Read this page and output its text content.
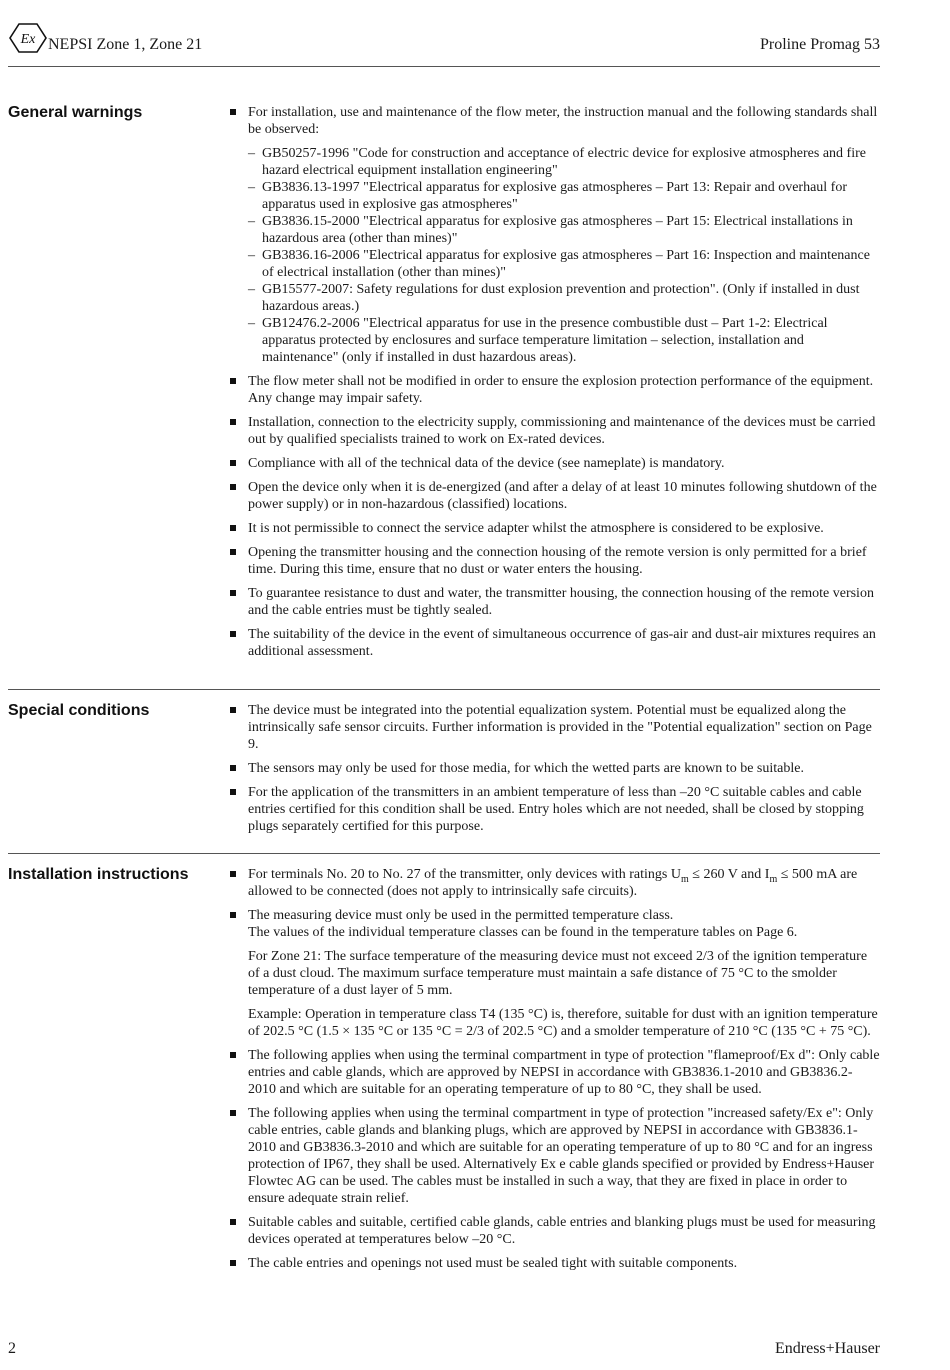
Ex NEPSI Zone 1, Zone 21	Proline Promag 53
General warnings	For installation, use and maintenance of the flow meter, the instruction manual and the following standards shall be observed:
– GB50257-1996 "Code for construction and acceptance of electric device for explosive atmospheres and fire hazard electrical equipment installation engineering"
– GB3836.13-1997 "Electrical apparatus for explosive gas atmospheres – Part 13: Repair and overhaul for apparatus used in explosive gas atmospheres"
– GB3836.15-2000 "Electrical apparatus for explosive gas atmospheres – Part 15: Electrical installations in hazardous area (other than mines)"
– GB3836.16-2006 "Electrical apparatus for explosive gas atmospheres – Part 16: Inspection and maintenance of electrical installation (other than mines)"
– GB15577-2007: Safety regulations for dust explosion prevention and protection". (Only if installed in dust hazardous areas.)
– GB12476.2-2006 "Electrical apparatus for use in the presence combustible dust – Part 1-2: Electrical apparatus protected by enclosures and surface temperature limitation – selection, installation and maintenance" (only if installed in dust hazardous areas).
The flow meter shall not be modified in order to ensure the explosion protection performance of the equipment. Any change may impair safety.
Installation, connection to the electricity supply, commissioning and maintenance of the devices must be carried out by qualified specialists trained to work on Ex-rated devices.
Compliance with all of the technical data of the device (see nameplate) is mandatory.
Open the device only when it is de-energized (and after a delay of at least 10 minutes following shutdown of the power supply) or in non-hazardous (classified) locations.
It is not permissible to connect the service adapter whilst the atmosphere is considered to be explosive.
Opening the transmitter housing and the connection housing of the remote version is only permitted for a brief time. During this time, ensure that no dust or water enters the housing.
To guarantee resistance to dust and water, the transmitter housing, the connection housing of the remote version and the cable entries must be tightly sealed.
The suitability of the device in the event of simultaneous occurrence of gas-air and dust-air mixtures requires an additional assessment.
Special conditions	The device must be integrated into the potential equalization system. Potential must be equalized along the intrinsically safe sensor circuits. Further information is provided in the "Potential equalization" section on Page 9.
The sensors may only be used for those media, for which the wetted parts are known to be suitable.
For the application of the transmitters in an ambient temperature of less than –20 °C suitable cables and cable entries certified for this condition shall be used. Entry holes which are not needed, shall be closed by stopping plugs separately certified for this purpose.
Installation instructions	For terminals No. 20 to No. 27 of the transmitter, only devices with ratings $U_m \le 260$ V and $I_m \le 500$ mA are allowed to be connected (does not apply to intrinsically safe circuits).
The measuring device must only be used in the permitted temperature class.
The values of the individual temperature classes can be found in the temperature tables on Page 6.

For Zone 21: The surface temperature of the measuring device must not exceed 2/3 of the ignition temperature of a dust cloud. The maximum surface temperature must maintain a safe distance of 75 °C to the smolder temperature of a dust layer of 5 mm.

Example: Operation in temperature class T4 (135 °C) is, therefore, suitable for dust with an ignition temperature of 202.5 °C (1.5 × 135 °C or 135 °C = 2/3 of 202.5 °C) and a smolder temperature of 210 °C (135 °C + 75 °C).

The following applies when using the terminal compartment in type of protection "flameproof/Ex d": Only cable entries and cable glands, which are approved by NEPSI in accordance with GB3836.1-2010 and GB3836.2-2010 and which are suitable for an operating temperature of up to 80 °C, they shall be used.
The following applies when using the terminal compartment in type of protection "increased safety/Ex e": Only cable entries, cable glands and blanking plugs, which are approved by NEPSI in accordance with GB3836.1-2010 and GB3836.3-2010 and which are suitable for an operating temperature of up to 80 °C and for an ingress protection of IP67, they shall be used. Alternatively Ex e cable glands specified or provided by Endress+Hauser Flowtec AG can be used. The cables must be installed in such a way, that they are fixed in place in order to ensure adequate strain relief.
Suitable cables and suitable, certified cable glands, cable entries and blanking plugs must be used for measuring devices operated at temperatures below –20 °C.
The cable entries and openings not used must be sealed tight with suitable components.
2	Endress+Hauser
